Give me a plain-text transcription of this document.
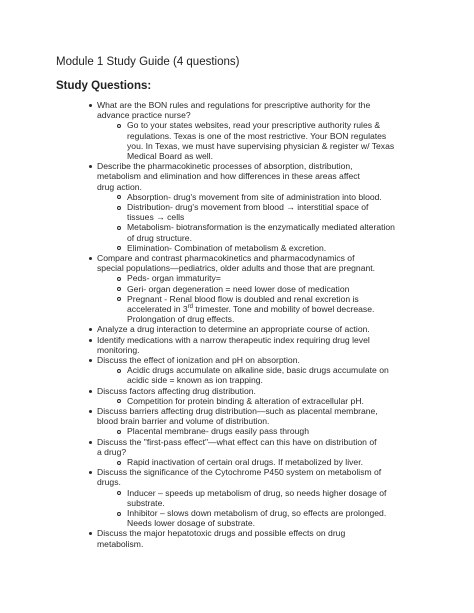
Module 1 Study Guide (4 questions)
Study Questions:
What are the BON rules and regulations for prescriptive authority for the
advance practice nurse?
Go to your states websites, read your prescriptive authority rules &
regulations. Texas is one of the most restrictive. Your BON regulates
you. In Texas, we must have supervising physician & register w/ Texas
Medical Board as well.
Describe the pharmacokinetic processes of absorption, distribution,
metabolism and elimination and how differences in these areas affect
drug action.
Absorption- drug's movement from site of administration into blood.
Distribution- drug's movement from blood → interstitial space of
tissues → cells
Metabolism- biotransformation is the enzymatically mediated alteration
of drug structure.
Elimination- Combination of metabolism & excretion.
Compare and contrast pharmacokinetics and pharmacodynamics of
special populations—pediatrics, older adults and those that are pregnant.
Peds- organ immaturity=
Geri- organ degeneration = need lower dose of medication
Pregnant - Renal blood flow is doubled and renal excretion is
accelerated in 3rd trimester. Tone and mobility of bowel decrease.
Prolongation of drug effects.
Analyze a drug interaction to determine an appropriate course of action.
Identify medications with a narrow therapeutic index requiring drug level
monitoring.
Discuss the effect of ionization and pH on absorption.
Acidic drugs accumulate on alkaline side, basic drugs accumulate on
acidic side = known as ion trapping.
Discuss factors affecting drug distribution.
Competition for protein binding & alteration of extracellular pH.
Discuss barriers affecting drug distribution—such as placental membrane,
blood brain barrier and volume of distribution.
Placental membrane- drugs easily pass through
Discuss the "first-pass effect"—what effect can this have on distribution of
a drug?
Rapid inactivation of certain oral drugs. If metabolized by liver.
Discuss the significance of the Cytochrome P450 system on metabolism of
drugs.
Inducer – speeds up metabolism of drug, so needs higher dosage of
substrate.
Inhibitor – slows down metabolism of drug, so effects are prolonged.
Needs lower dosage of substrate.
Discuss the major hepatotoxic drugs and possible effects on drug
metabolism.
